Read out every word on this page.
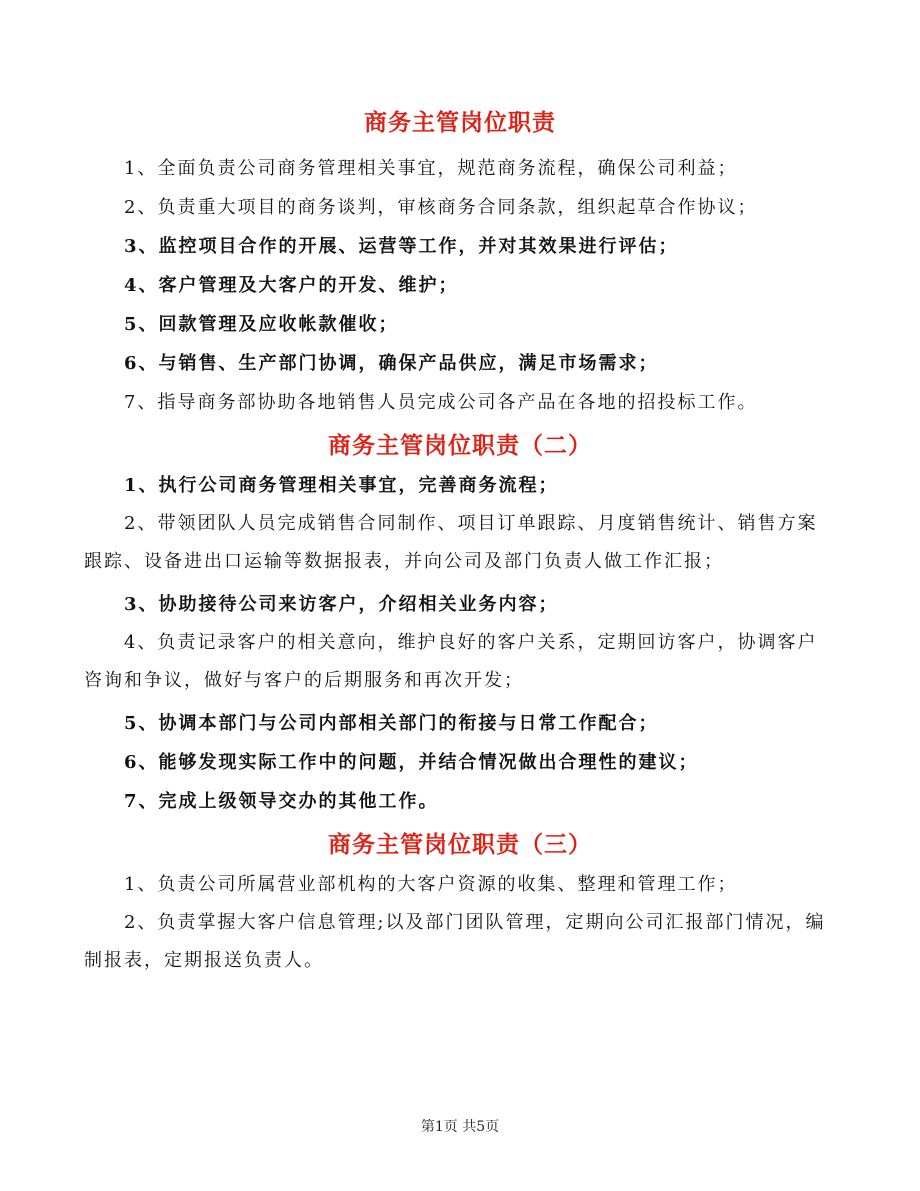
商务主管岗位职责

1、全面负责公司商务管理相关事宜，规范商务流程，确保公司利益；

2、负责重大项目的商务谈判，审核商务合同条款，组织起草合作协议；

3、监控项目合作的开展、运营等工作，并对其效果进行评估；

4、客户管理及大客户的开发、维护；

5、回款管理及应收帐款催收；

6、与销售、生产部门协调，确保产品供应，满足市场需求；

7、指导商务部协助各地销售人员完成公司各产品在各地的招投标工作。

商务主管岗位职责（二）

1、执行公司商务管理相关事宜，完善商务流程；

2、带领团队人员完成销售合同制作、项目订单跟踪、月度销售统计、销售方案跟踪、设备进出口运输等数据报表，并向公司及部门负责人做工作汇报；

3、协助接待公司来访客户，介绍相关业务内容；

4、负责记录客户的相关意向，维护良好的客户关系，定期回访客户，协调客户咨询和争议，做好与客户的后期服务和再次开发；

5、协调本部门与公司内部相关部门的衔接与日常工作配合；

6、能够发现实际工作中的问题，并结合情况做出合理性的建议；

7、完成上级领导交办的其他工作。

商务主管岗位职责（三）

1、负责公司所属营业部机构的大客户资源的收集、整理和管理工作；

2、负责掌握大客户信息管理;以及部门团队管理，定期向公司汇报部门情况，编制报表，定期报送负责人。

第1页 共5页
